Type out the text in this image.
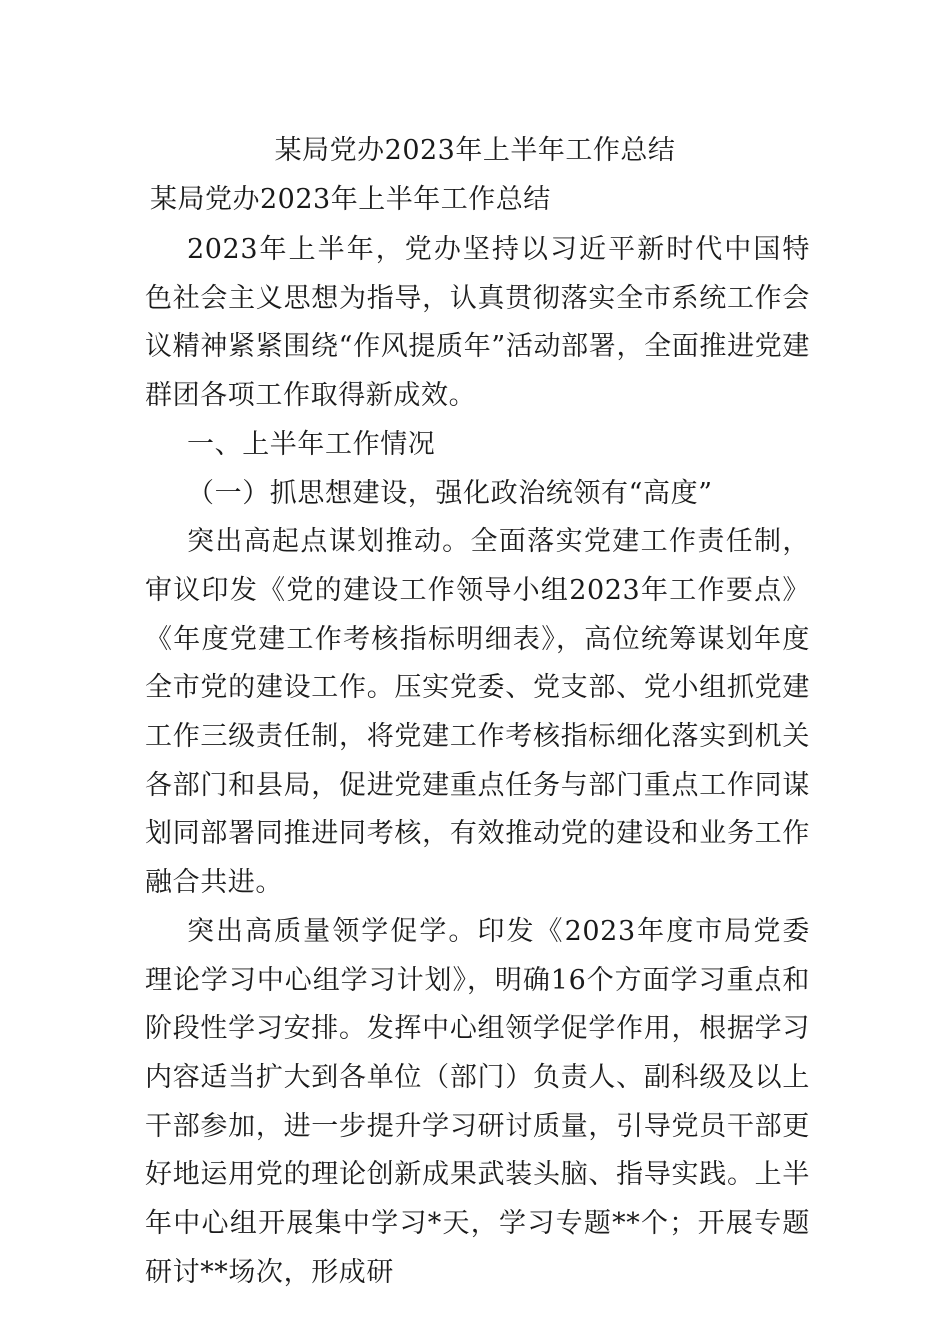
某局党办2023年上半年工作总结
某局党办2023年上半年工作总结

2023年上半年，党办坚持以习近平新时代中国特色社会主义思想为指导，认真贯彻落实全市系统工作会议精神紧紧围绕“作风提质年”活动部署，全面推进党建群团各项工作取得新成效。

一、上半年工作情况

（一）抓思想建设，强化政治统领有“高度”

突出高起点谋划推动。全面落实党建工作责任制，审议印发《党的建设工作领导小组2023年工作要点》《年度党建工作考核指标明细表》，高位统筹谋划年度全市党的建设工作。压实党委、党支部、党小组抓党建工作三级责任制，将党建工作考核指标细化落实到机关各部门和县局，促进党建重点任务与部门重点工作同谋划同部署同推进同考核，有效推动党的建设和业务工作融合共进。

突出高质量领学促学。印发《2023年度市局党委理论学习中心组学习计划》，明确16个方面学习重点和阶段性学习安排。发挥中心组领学促学作用，根据学习内容适当扩大到各单位（部门）负责人、副科级及以上干部参加，进一步提升学习研讨质量，引导党员干部更好地运用党的理论创新成果武装头脑、指导实践。上半年中心组开展集中学习*天，学习专题**个；开展专题研讨**场次，形成研
